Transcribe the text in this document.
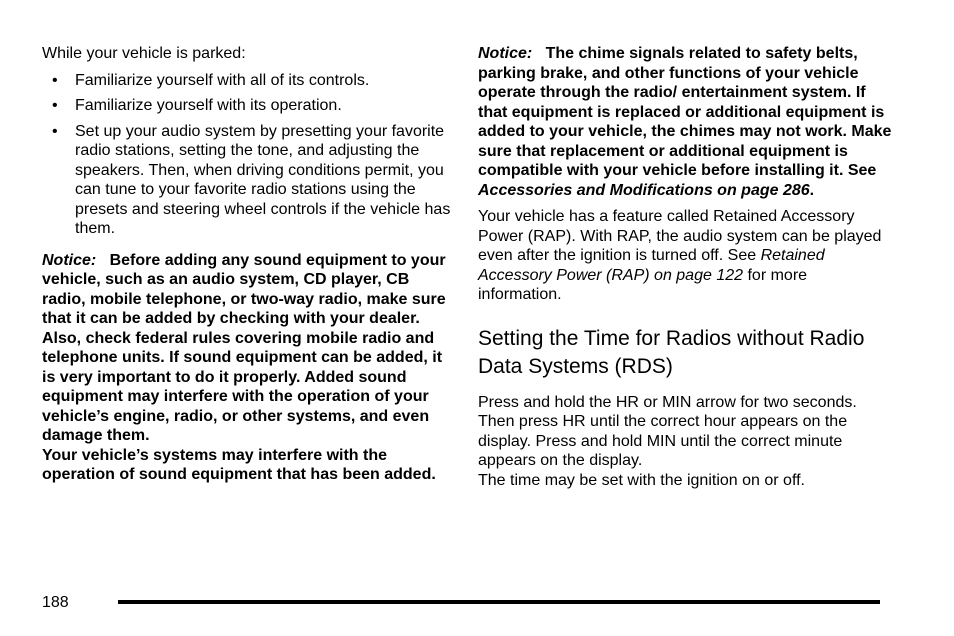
While your vehicle is parked:

• Familiarize yourself with all of its controls.
• Familiarize yourself with its operation.
• Set up your audio system by presetting your favorite radio stations, setting the tone, and adjusting the speakers. Then, when driving conditions permit, you can tune to your favorite radio stations using the presets and steering wheel controls if the vehicle has them.

Notice: Before adding any sound equipment to your vehicle, such as an audio system, CD player, CB radio, mobile telephone, or two-way radio, make sure that it can be added by checking with your dealer. Also, check federal rules covering mobile radio and telephone units. If sound equipment can be added, it is very important to do it properly. Added sound equipment may interfere with the operation of your vehicle’s engine, radio, or other systems, and even damage them.

Your vehicle’s systems may interfere with the operation of sound equipment that has been added.

Notice: The chime signals related to safety belts, parking brake, and other functions of your vehicle operate through the radio/ entertainment system. If that equipment is replaced or additional equipment is added to your vehicle, the chimes may not work. Make sure that replacement or additional equipment is compatible with your vehicle before installing it. See Accessories and Modifications on page 286.

Your vehicle has a feature called Retained Accessory Power (RAP). With RAP, the audio system can be played even after the ignition is turned off. See Retained Accessory Power (RAP) on page 122 for more information.

Setting the Time for Radios without Radio Data Systems (RDS)

Press and hold the HR or MIN arrow for two seconds. Then press HR until the correct hour appears on the display. Press and hold MIN until the correct minute appears on the display.

The time may be set with the ignition on or off.

188
